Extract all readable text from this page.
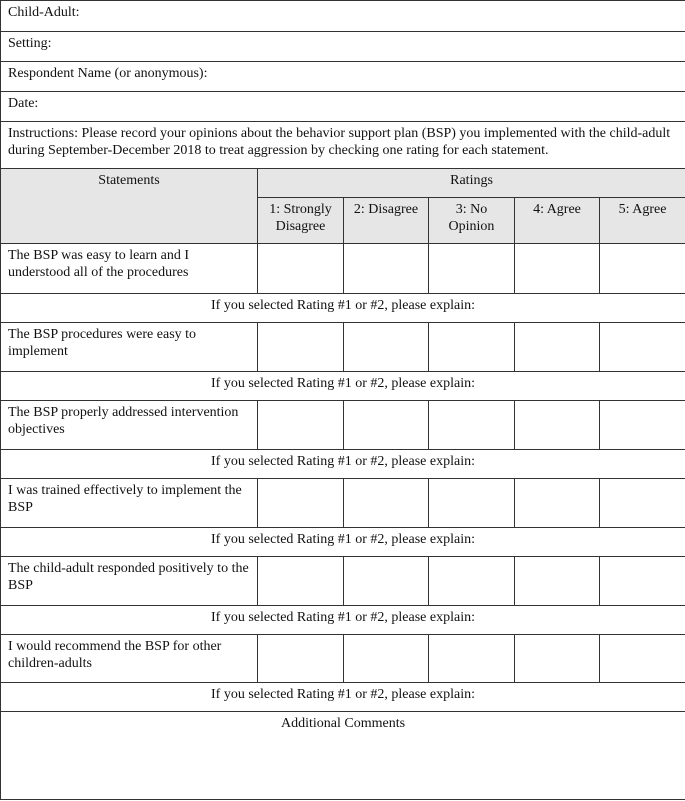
Child-Adult:					
Setting:					
Respondent Name (or anonymous):					
Date:					
Instructions: Please record your opinions about the behavior support plan (BSP) you implemented with the child-adult during September-December 2018 to treat aggression by checking one rating for each statement.					
Statements	Ratings				
	1: Strongly Disagree	2: Disagree	3: No Opinion	4: Agree	5: Agree
The BSP was easy to learn and I understood all of the procedures					
If you selected Rating #1 or #2, please explain:					
The BSP procedures were easy to implement					
If you selected Rating #1 or #2, please explain:					
The BSP properly addressed intervention objectives					
If you selected Rating #1 or #2, please explain:					
I was trained effectively to implement the BSP					
If you selected Rating #1 or #2, please explain:					
The child-adult responded positively to the BSP					
If you selected Rating #1 or #2, please explain:					
I would recommend the BSP for other children-adults					
If you selected Rating #1 or #2, please explain:					
Additional Comments					
